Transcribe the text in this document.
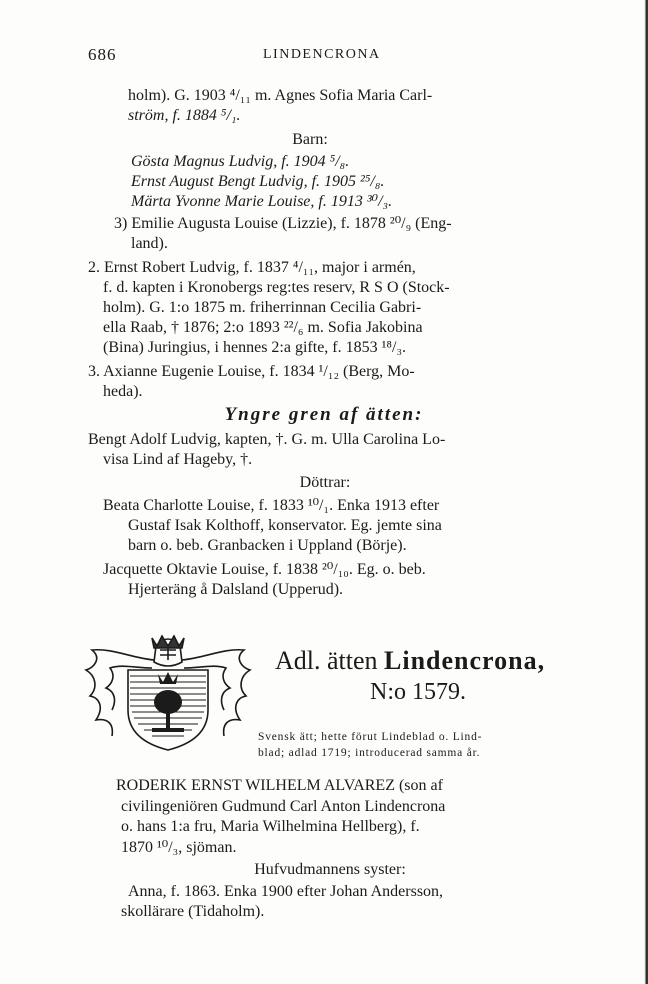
686	LINDENCRONA
holm). G. 1903 ⁴/₁₁ m. Agnes Sofia Maria Carl-
ström, f. 1884 ⁵/₁.
Barn:
Gösta Magnus Ludvig, f. 1904 ⁵/₈.
Ernst August Bengt Ludvig, f. 1905 ²⁵/₈.
Märta Yvonne Marie Louise, f. 1913 ³⁰/₃.
3) Emilie Augusta Louise (Lizzie), f. 1878 ²⁰/₉ (Eng-
land).
2. Ernst Robert Ludvig, f. 1837 ⁴/₁₁, major i armén,
f. d. kapten i Kronobergs reg:tes reserv, R S O (Stock-
holm). G. 1:o 1875 m. friherrinnan Cecilia Gabri-
ella Raab, † 1876; 2:o 1893 ²²/₆ m. Sofia Jakobina
(Bina) Juringius, i hennes 2:a gifte, f. 1853 ¹⁸/₃.
3. Axianne Eugenie Louise, f. 1834 ¹/₁₂ (Berg, Mo-
heda).
Yngre gren af ätten:
Bengt Adolf Ludvig, kapten, †. G. m. Ulla Carolina Lo-
visa Lind af Hageby, †.
Döttrar:
Beata Charlotte Louise, f. 1833 ¹⁰/₁. Enka 1913 efter
Gustaf Isak Kolthoff, konservator. Eg. jemte sina
barn o. beb. Granbacken i Uppland (Börje).
Jacquette Oktavie Louise, f. 1838 ²⁰/₁₀. Eg. o. beb.
Hjerteräng å Dalsland (Upperud).
Adl. ätten Lindencrona,
N:o 1579.
Svensk ätt; hette förut Lindeblad o. Lind-
blad; adlad 1719; introducerad samma år.
RODERIK ERNST WILHELM ALVAREZ (son af
civilingeniören Gudmund Carl Anton Lindencrona
o. hans 1:a fru, Maria Wilhelmina Hellberg), f.
1870 ¹⁰/₃, sjöman.
Hufvudmannens syster:
Anna, f. 1863. Enka 1900 efter Johan Andersson,
skollärare (Tidaholm).
